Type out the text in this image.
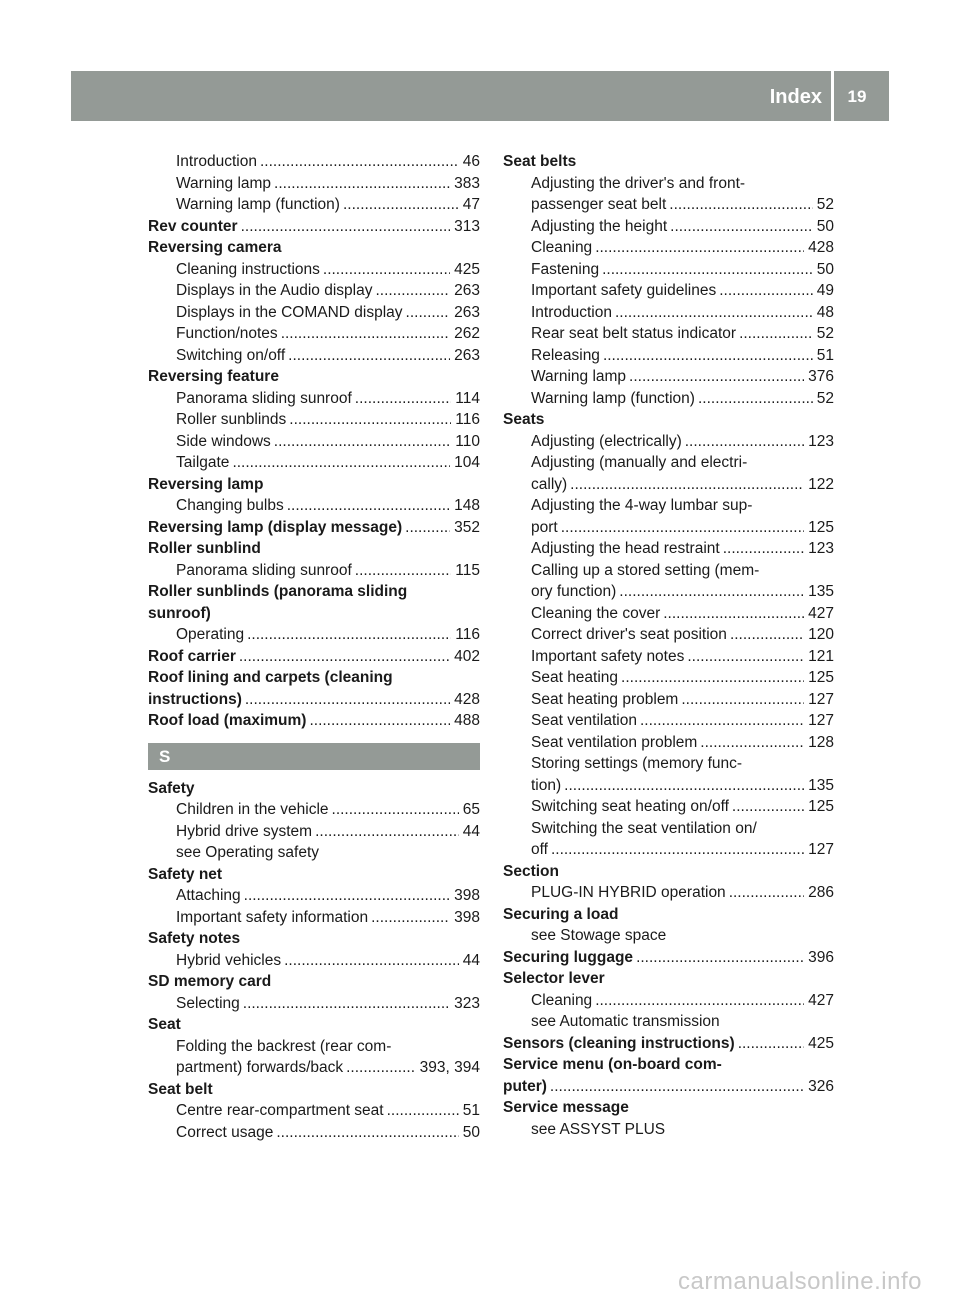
Index	19
Introduction .....	46
Warning lamp .....	383
Warning lamp (function) .....	47
Rev counter .....	313
Reversing camera
Cleaning instructions .....	425
Displays in the Audio display .....	263
Displays in the COMAND display .....	263
Function/notes .....	262
Switching on/off .....	263
Reversing feature
Panorama sliding sunroof .....	114
Roller sunblinds .....	116
Side windows .....	110
Tailgate .....	104
Reversing lamp
Changing bulbs .....	148
Reversing lamp (display message) .....	352
Roller sunblind
Panorama sliding sunroof .....	115
Roller sunblinds (panorama sliding
sunroof)
Operating .....	116
Roof carrier .....	402
Roof lining and carpets (cleaning
instructions) .....	428
Roof load (maximum) .....	488
S
Safety
Children in the vehicle .....	65
Hybrid drive system .....	44
see Operating safety
Safety net
Attaching .....	398
Important safety information .....	398
Safety notes
Hybrid vehicles .....	44
SD memory card
Selecting .....	323
Seat
Folding the backrest (rear com-
partment) forwards/back .....	393, 394
Seat belt
Centre rear-compartment seat .....	51
Correct usage .....	50
Seat belts
Adjusting the driver's and front-
passenger seat belt .....	52
Adjusting the height .....	50
Cleaning .....	428
Fastening .....	50
Important safety guidelines .....	49
Introduction .....	48
Rear seat belt status indicator .....	52
Releasing .....	51
Warning lamp .....	376
Warning lamp (function) .....	52
Seats
Adjusting (electrically) .....	123
Adjusting (manually and electri-
cally) .....	122
Adjusting the 4-way lumbar sup-
port .....	125
Adjusting the head restraint .....	123
Calling up a stored setting (mem-
ory function) .....	135
Cleaning the cover .....	427
Correct driver's seat position .....	120
Important safety notes .....	121
Seat heating .....	125
Seat heating problem .....	127
Seat ventilation .....	127
Seat ventilation problem .....	128
Storing settings (memory func-
tion) .....	135
Switching seat heating on/off .....	125
Switching the seat ventilation on/
off .....	127
Section
PLUG-IN HYBRID operation .....	286
Securing a load
see Stowage space
Securing luggage .....	396
Selector lever
Cleaning .....	427
see Automatic transmission
Sensors (cleaning instructions) .....	425
Service menu (on-board com-
puter) .....	326
Service message
see ASSYST PLUS
carmanualsonline.info
